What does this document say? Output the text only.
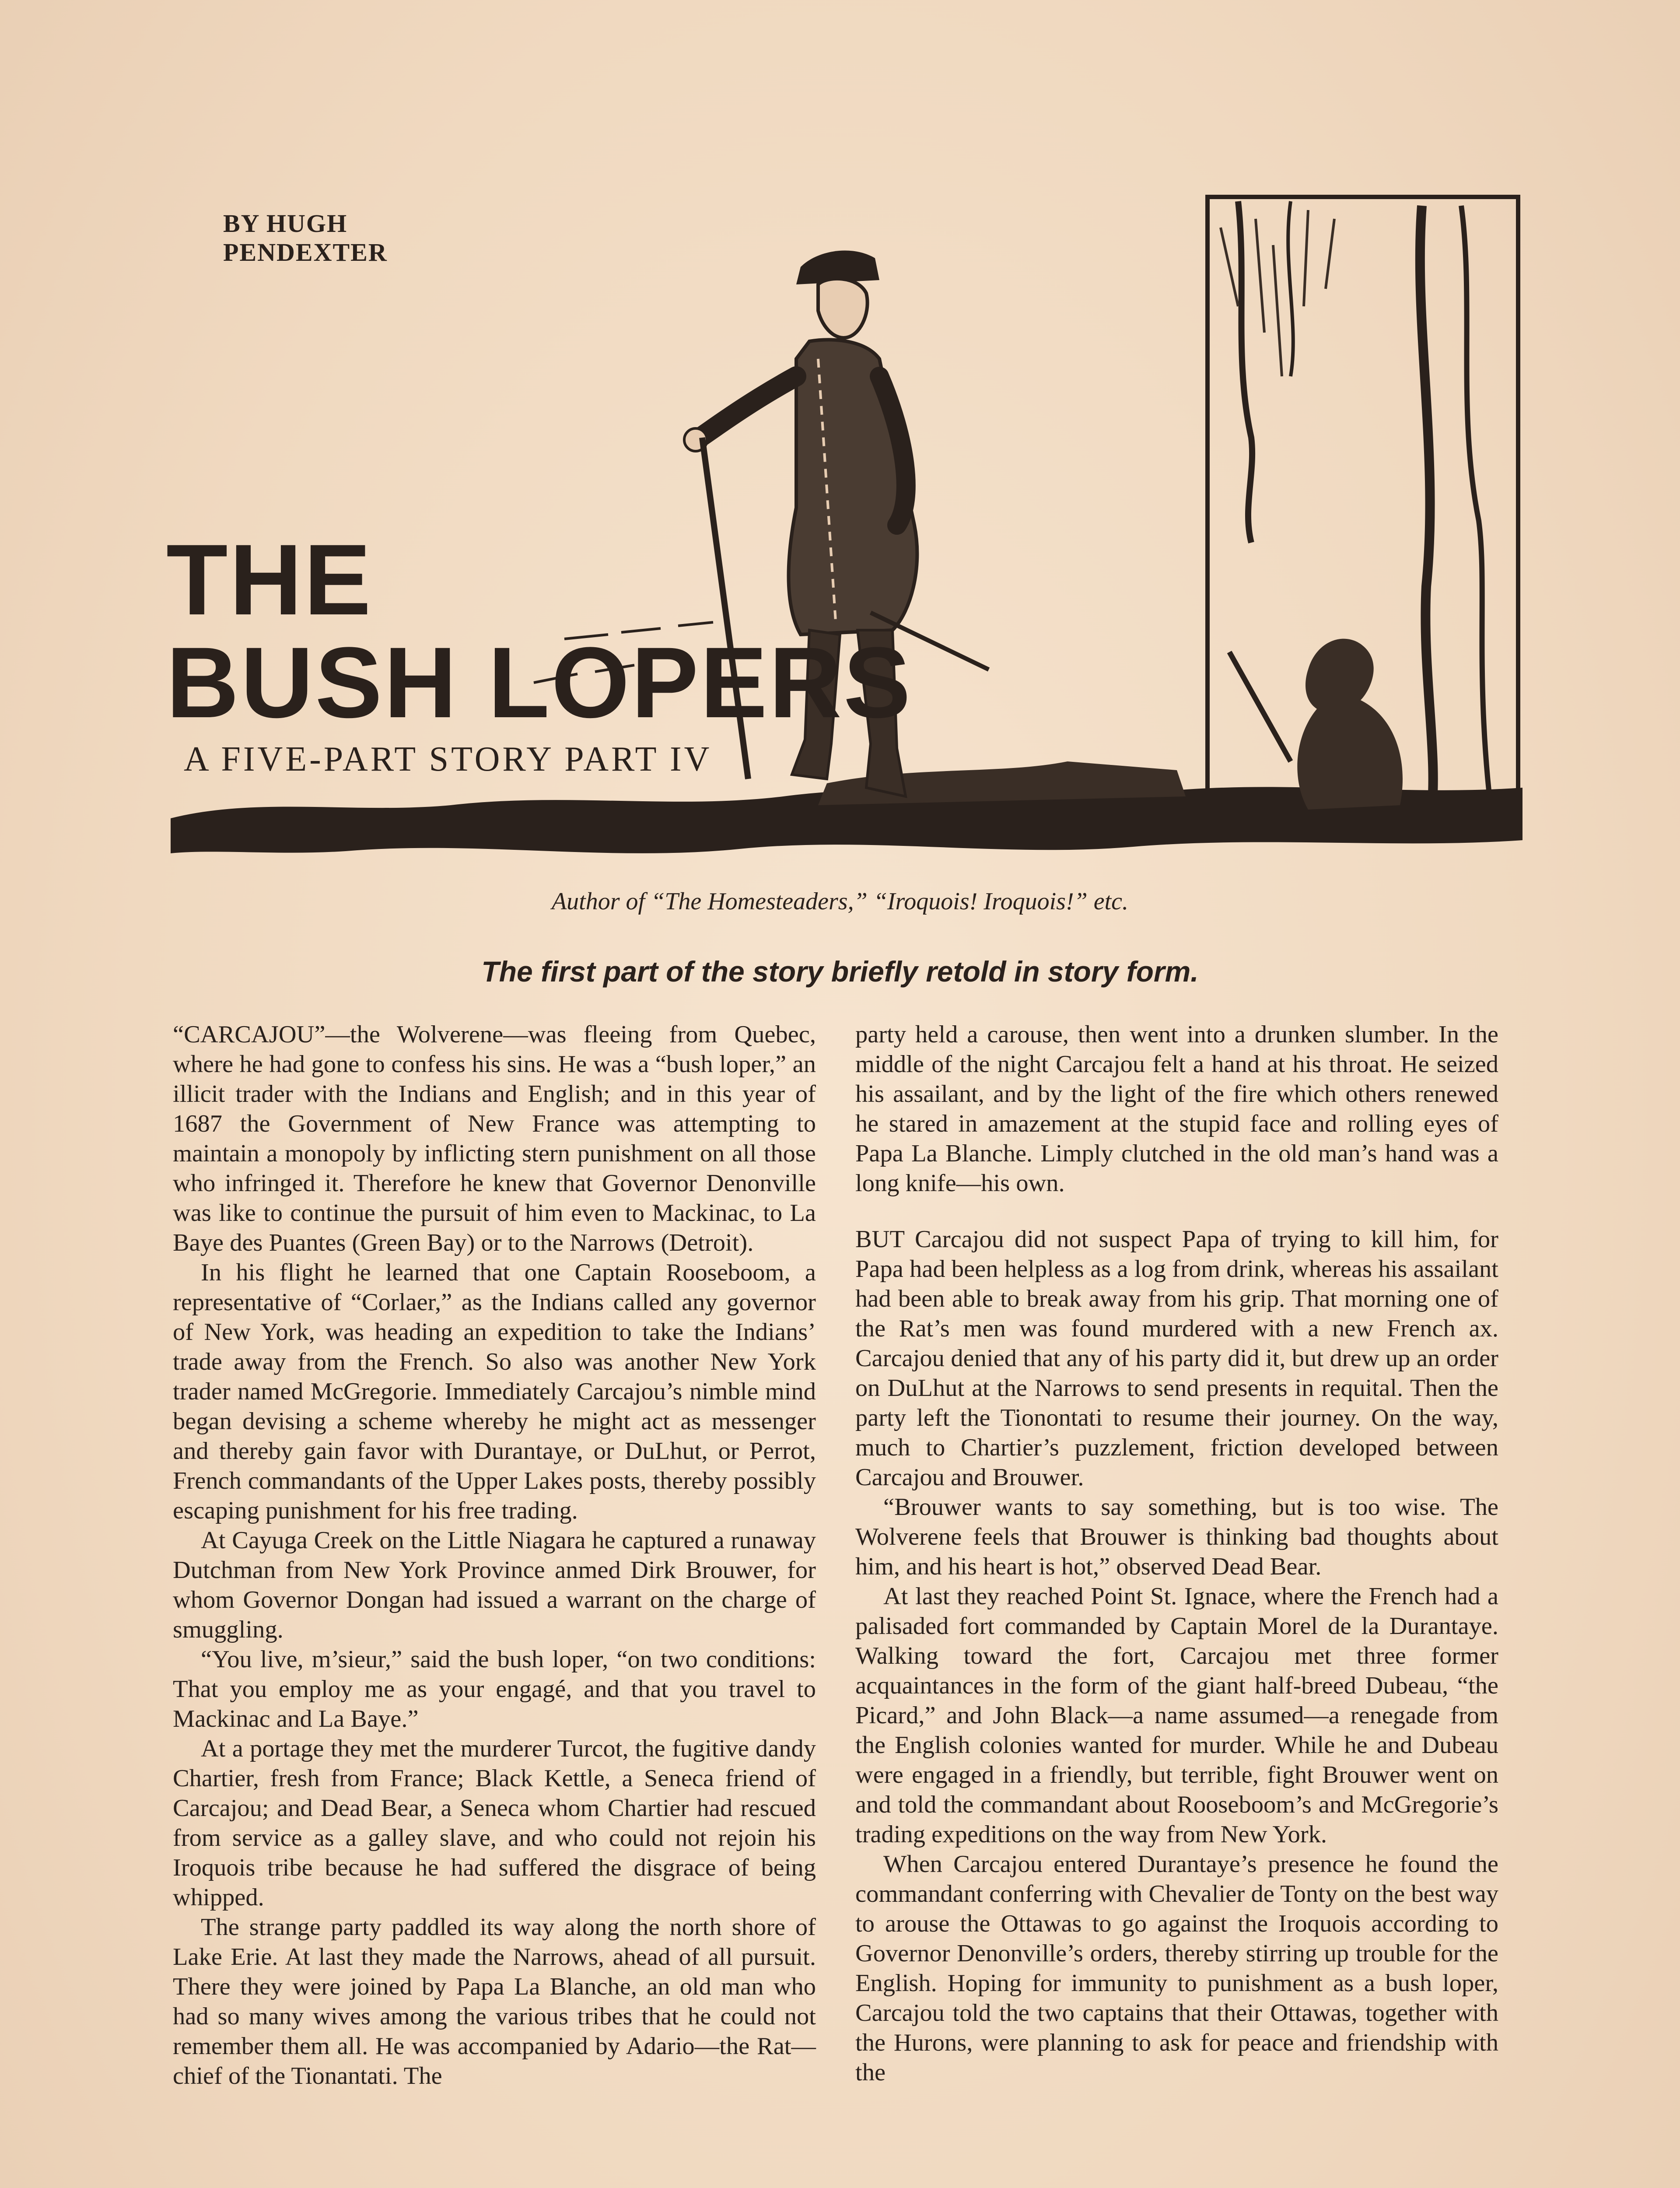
BY HUGH
PENDEXTER
THE
BUSH LOPERS
A FIVE-PART STORY PART IV
Author of “The Homesteaders,” “Iroquois! Iroquois!” etc.
The first part of the story briefly retold in story form.

“CARCAJOU”—the Wolverene—was fleeing from Quebec, where he had gone to confess his sins. He was a “bush loper,” an illicit trader with the Indians and English; and in this year of 1687 the Government of New France was attempting to maintain a monopoly by inflicting stern punishment on all those who infringed it. Therefore he knew that Governor Denonville was like to continue the pursuit of him even to Mackinac, to La Baye des Puantes (Green Bay) or to the Narrows (Detroit).

In his flight he learned that one Captain Rooseboom, a representative of “Corlaer,” as the Indians called any governor of New York, was heading an expedition to take the Indians’ trade away from the French. So also was another New York trader named McGregorie. Immediately Carcajou’s nimble mind began devising a scheme whereby he might act as messenger and thereby gain favor with Durantaye, or DuLhut, or Perrot, French commandants of the Upper Lakes posts, thereby possibly escaping punishment for his free trading.

At Cayuga Creek on the Little Niagara he captured a runaway Dutchman from New York Province anmed Dirk Brouwer, for whom Governor Dongan had issued a warrant on the charge of smuggling.

“You live, m’sieur,” said the bush loper, “on two conditions: That you employ me as your engagé, and that you travel to Mackinac and La Baye.”

At a portage they met the murderer Turcot, the fugitive dandy Chartier, fresh from France; Black Kettle, a Seneca friend of Carcajou; and Dead Bear, a Seneca whom Chartier had rescued from service as a galley slave, and who could not rejoin his Iroquois tribe because he had suffered the disgrace of being whipped.

The strange party paddled its way along the north shore of Lake Erie. At last they made the Narrows, ahead of all pursuit. There they were joined by Papa La Blanche, an old man who had so many wives among the various tribes that he could not remember them all. He was accompanied by Adario—the Rat—chief of the Tionantati. The

party held a carouse, then went into a drunken slumber. In the middle of the night Carcajou felt a hand at his throat. He seized his assailant, and by the light of the fire which others renewed he stared in amazement at the stupid face and rolling eyes of Papa La Blanche. Limply clutched in the old man’s hand was a long knife—his own.

BUT Carcajou did not suspect Papa of trying to kill him, for Papa had been helpless as a log from drink, whereas his assailant had been able to break away from his grip. That morning one of the Rat’s men was found murdered with a new French ax. Carcajou denied that any of his party did it, but drew up an order on DuLhut at the Narrows to send presents in requital. Then the party left the Tionontati to resume their journey. On the way, much to Chartier’s puzzlement, friction developed between Carcajou and Brouwer.

“Brouwer wants to say something, but is too wise. The Wolverene feels that Brouwer is thinking bad thoughts about him, and his heart is hot,” observed Dead Bear.

At last they reached Point St. Ignace, where the French had a palisaded fort commanded by Captain Morel de la Durantaye. Walking toward the fort, Carcajou met three former acquaintances in the form of the giant half-breed Dubeau, “the Picard,” and John Black—a name assumed—a renegade from the English colonies wanted for murder. While he and Dubeau were engaged in a friendly, but terrible, fight Brouwer went on and told the commandant about Rooseboom’s and McGregorie’s trading expeditions on the way from New York.

When Carcajou entered Durantaye’s presence he found the commandant conferring with Chevalier de Tonty on the best way to arouse the Ottawas to go against the Iroquois according to Governor Denonville’s orders, thereby stirring up trouble for the English. Hoping for immunity to punishment as a bush loper, Carcajou told the two captains that their Ottawas, together with the Hurons, were planning to ask for peace and friendship with the
